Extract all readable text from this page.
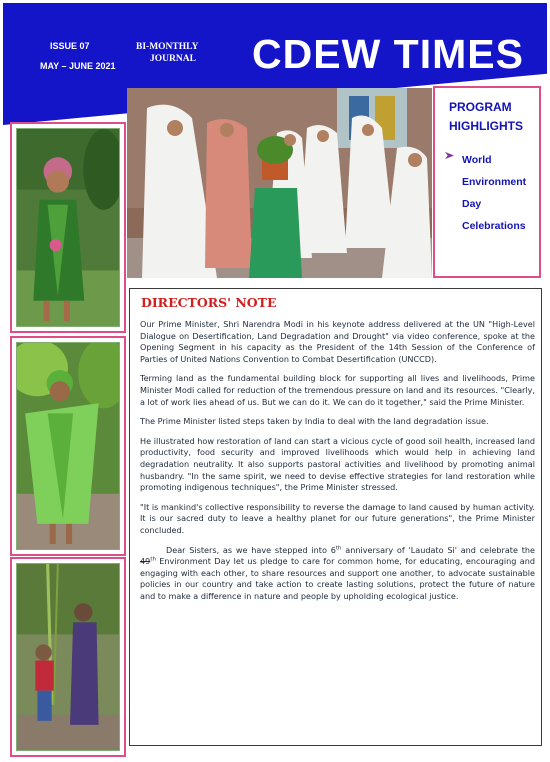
ISSUE 07
MAY – JUNE 2021
BI-MONTHLY
JOURNAL CDEW TIMES
PROGRAM
HIGHLIGHTS
World
Environment
Day
Celebrations
DIRECTORS' NOTE

Our Prime Minister, Shri Narendra Modi in his keynote address delivered at the UN "High-Level Dialogue on Desertification, Land Degradation and Drought" via video conference, spoke at the Opening Segment in his capacity as the President of the 14th Session of the Conference of Parties of United Nations Convention to Combat Desertification (UNCCD).

Terming land as the fundamental building block for supporting all lives and livelihoods, Prime Minister Modi called for reduction of the tremendous pressure on land and its resources. "Clearly, a lot of work lies ahead of us. But we can do it. We can do it together," said the Prime Minister.

The Prime Minister listed steps taken by India to deal with the land degradation issue.

He illustrated how restoration of land can start a vicious cycle of good soil health, increased land productivity, food security and improved livelihoods which would help in achieving land degradation neutrality. It also supports pastoral activities and livelihood by promoting animal husbandry. "In the same spirit, we need to devise effective strategies for land restoration while promoting indigenous techniques", the Prime Minister stressed.

"It is mankind's collective responsibility to reverse the damage to land caused by human activity. It is our sacred duty to leave a healthy planet for our future generations", the Prime Minister concluded.

Dear Sisters, as we have stepped into 6th anniversary of 'Laudato Si' and celebrate the 49th Environment Day let us pledge to care for common home, for educating, encouraging and engaging with each other, to share resources and support one another, to advocate sustainable policies in our country and take action to create lasting solutions, protect the future of nature and to make a difference in nature and people by upholding ecological justice.
